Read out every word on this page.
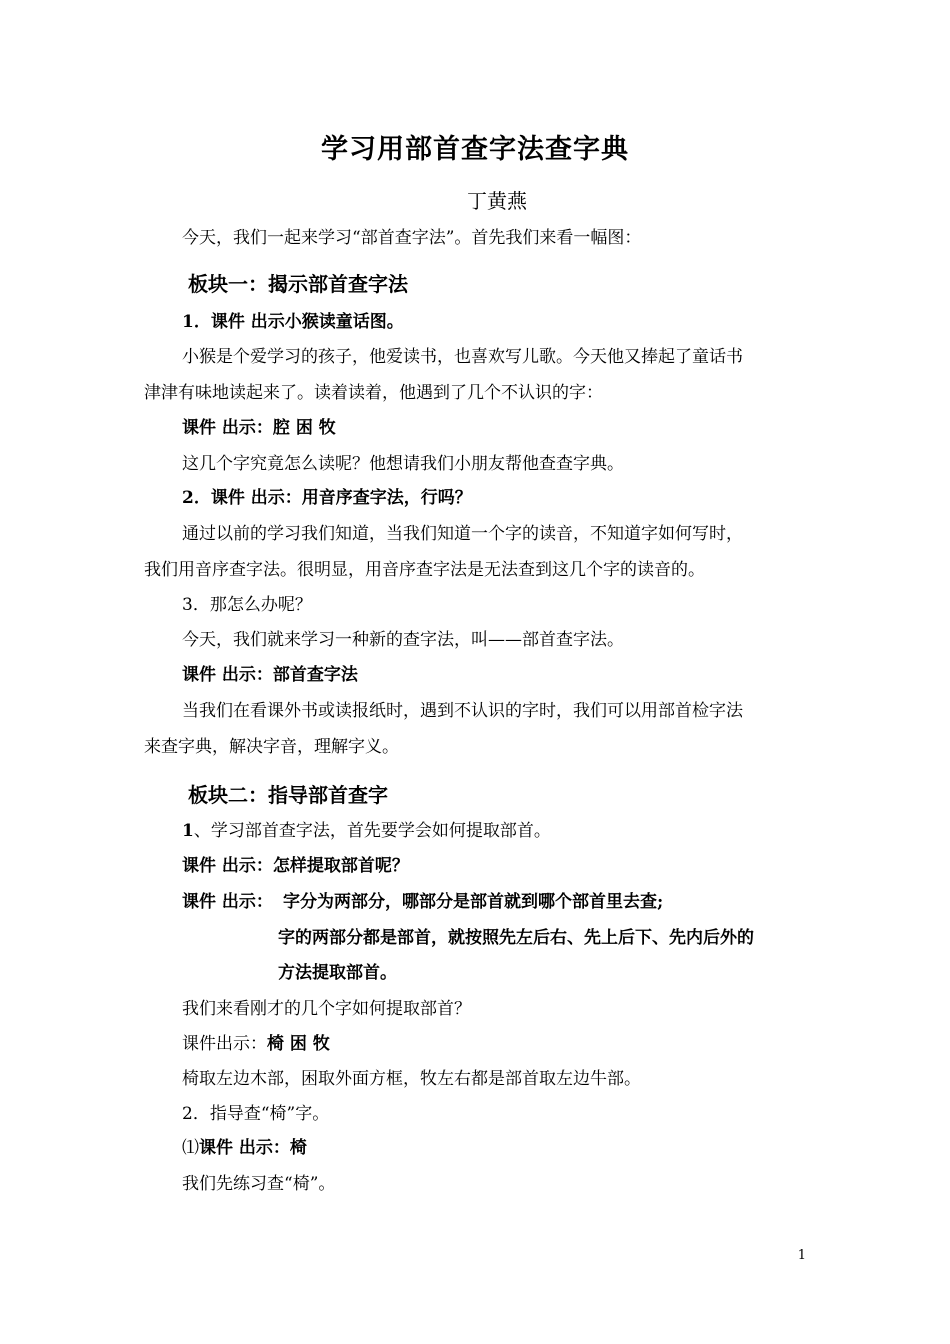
学习用部首查字法查字典
丁黄燕
今天，我们一起来学习“部首查字法”。首先我们来看一幅图：
板块一：揭示部首查字法
1．课件 出示小猴读童话图。
小猴是个爱学习的孩子，他爱读书，也喜欢写儿歌。今天他又捧起了童话书
津津有味地读起来了。读着读着，他遇到了几个不认识的字：
课件 出示：腔 困 牧
这几个字究竟怎么读呢？他想请我们小朋友帮他查查字典。
2．课件 出示：用音序查字法，行吗？
通过以前的学习我们知道，当我们知道一个字的读音，不知道字如何写时，
我们用音序查字法。很明显，用音序查字法是无法查到这几个字的读音的。
3．那怎么办呢？
今天，我们就来学习一种新的查字法，叫——部首查字法。
课件 出示：部首查字法
当我们在看课外书或读报纸时，遇到不认识的字时，我们可以用部首检字法
来查字典，解决字音，理解字义。
板块二：指导部首查字
1、学习部首查字法，首先要学会如何提取部首。
课件 出示：怎样提取部首呢？
课件 出示： 字分为两部分，哪部分是部首就到哪个部首里去查;
字的两部分都是部首，就按照先左后右、先上后下、先内后外的
方法提取部首。
我们来看刚才的几个字如何提取部首？
课件出示：椅 困 牧
椅取左边木部，困取外面方框，牧左右都是部首取左边牛部。
2．指导查“椅”字。
⑴课件 出示：椅
我们先练习查“椅”。
1
